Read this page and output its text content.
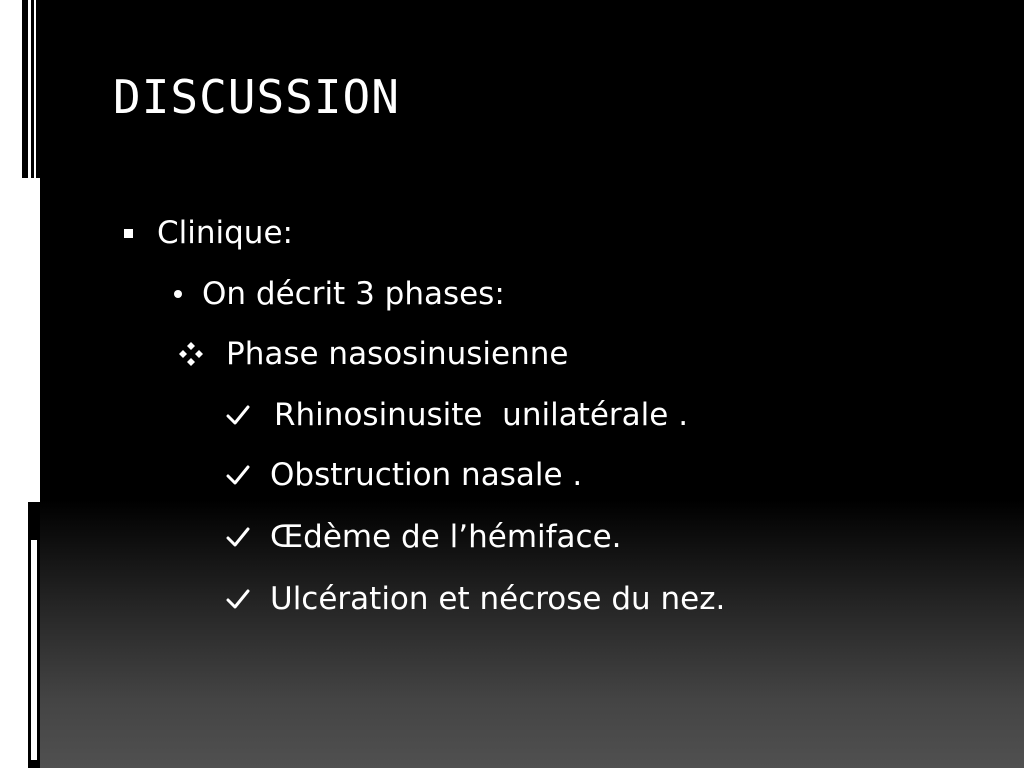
DISCUSSION
Clinique:
On décrit 3 phases:
Phase nasosinusienne
Rhinosinusite  unilatérale .
Obstruction nasale .
Œdème de l’hémiface.
Ulcération et nécrose du nez.
